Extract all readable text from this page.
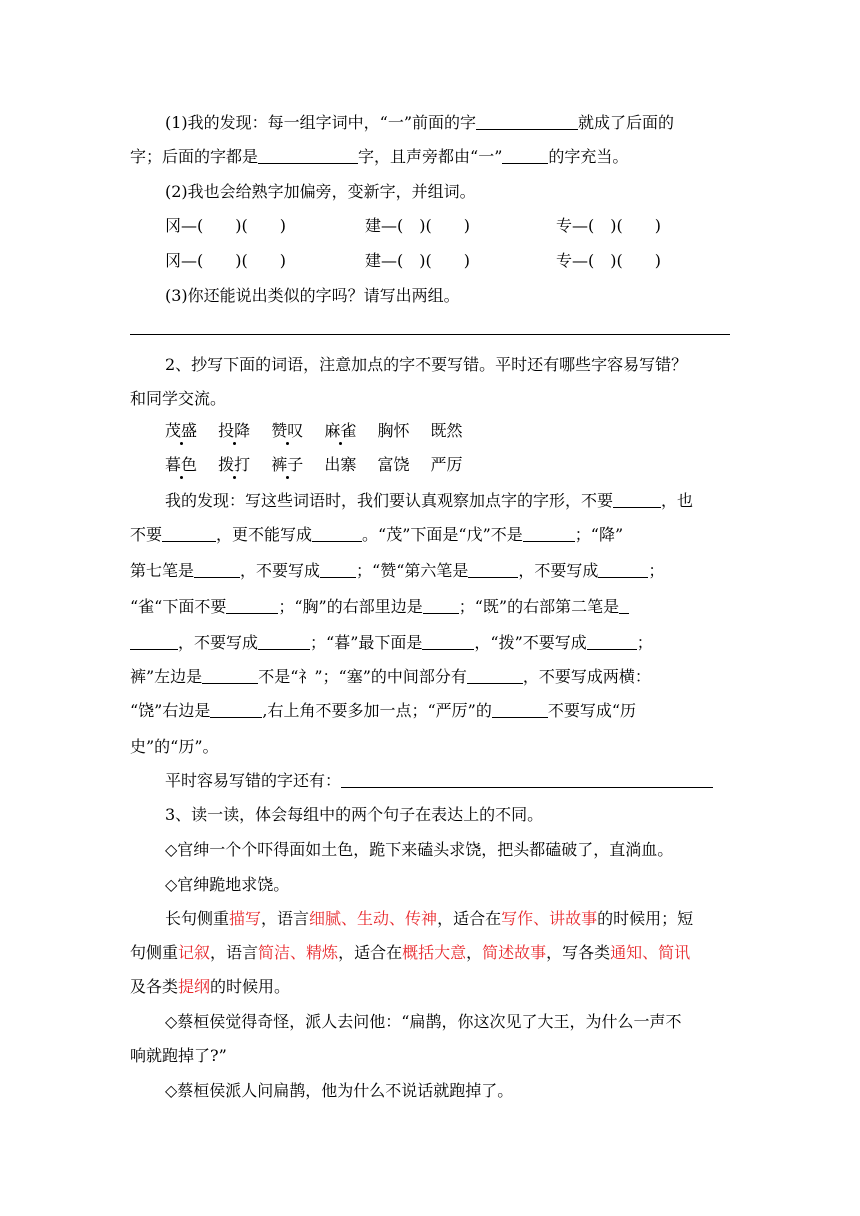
(1)我的发现：每一组字词中，“一”前面的字	就成了后面的
字；后面的字都是	字，且声旁都由“一”	的字充当。
(2)我也会给熟字加偏旁，变新字，并组词。
冈—(　　)(　　)	建—(　)(　　)	专—(　)(　　)
冈—(　　)(　　)	建—(　)(　　)	专—(　)(　　)
(3)你还能说出类似的字吗？请写出两组。
2、抄写下面的词语，注意加点的字不要写错。平时还有哪些字容易写错？
和同学交流。
茂盛 投降 赞叹 麻雀 胸怀 既然
暮色 拨打 裤子 出寨 富饶 严厉
我的发现：写这些词语时，我们要认真观察加点字的字形，不要	，也
不要	，更不能写成	。“茂”下面是“戊”不是	；“降”
第七笔是	，不要写成 ；“赞“第六笔是	，不要写成	；
“雀“下面不要	；“胸”的右部里边是 ；“既”的右部第二笔是
，不要写成	；“暮”最下面是	，“拨”不要写成	；
裤”左边是	不是“礻”；“塞”的中间部分有	，不要写成两横：
“饶”右边是	,右上角不要多加一点；“严厉”的	不要写成“历
史”的“历”。
平时容易写错的字还有：
3、读一读，体会每组中的两个句子在表达上的不同。
◇官绅一个个吓得面如土色，跪下来磕头求饶，把头都磕破了，直淌血。
◇官绅跪地求饶。
长句侧重描写，语言细腻、生动、传神，适合在写作、讲故事的时候用；短
句侧重记叙，语言简洁、精炼，适合在概括大意，简述故事，写各类通知、简讯
及各类提纲的时候用。
◇蔡桓侯觉得奇怪，派人去问他：“扁鹊，你这次见了大王，为什么一声不
响就跑掉了?”
◇蔡桓侯派人问扁鹊，他为什么不说话就跑掉了。
